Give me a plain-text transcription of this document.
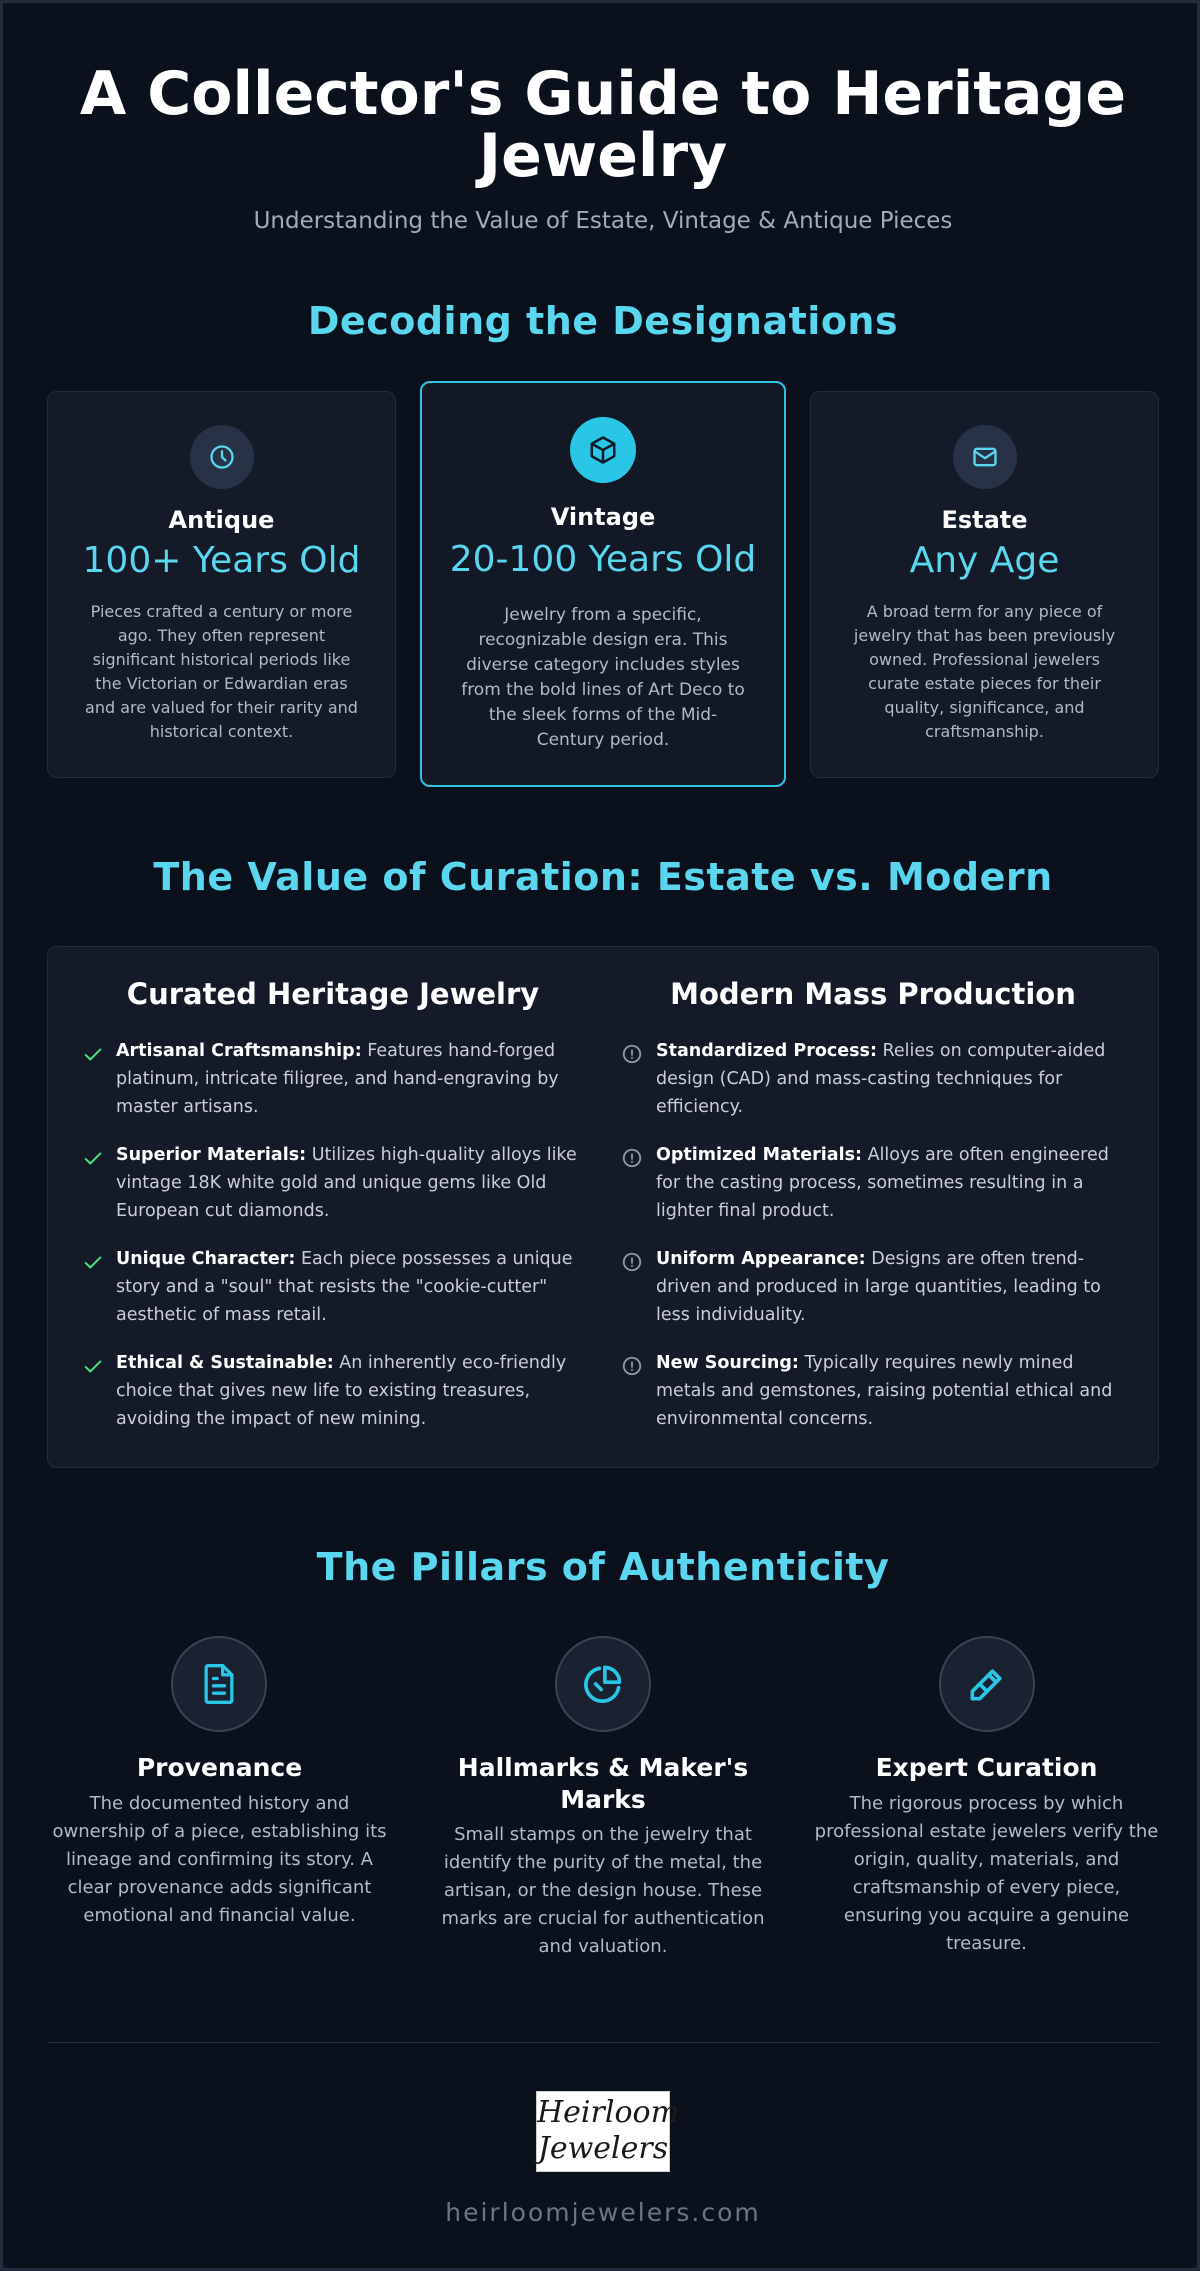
A Collector's Guide to Heritage Jewelry
Understanding the Value of Estate, Vintage & Antique Pieces
Decoding the Designations
Antique
100+ Years Old
Pieces crafted a century or more ago. They often represent significant historical periods like the Victorian or Edwardian eras and are valued for their rarity and historical context.
Vintage
20-100 Years Old
Jewelry from a specific, recognizable design era. This diverse category includes styles from the bold lines of Art Deco to the sleek forms of the Mid-Century period.
Estate
Any Age
A broad term for any piece of jewelry that has been previously owned. Professional jewelers curate estate pieces for their quality, significance, and craftsmanship.
The Value of Curation: Estate vs. Modern
Curated Heritage Jewelry	Modern Mass Production
Artisanal Craftsmanship: Features hand-forged platinum, intricate filigree, and hand-engraving by master artisans.
Superior Materials: Utilizes high-quality alloys like vintage 18K white gold and unique gems like Old European cut diamonds.
Unique Character: Each piece possesses a unique story and a "soul" that resists the "cookie-cutter" aesthetic of mass retail.
Ethical & Sustainable: An inherently eco-friendly choice that gives new life to existing treasures, avoiding the impact of new mining.
Standardized Process: Relies on computer-aided design (CAD) and mass-casting techniques for efficiency.
Optimized Materials: Alloys are often engineered for the casting process, sometimes resulting in a lighter final product.
Uniform Appearance: Designs are often trend-driven and produced in large quantities, leading to less individuality.
New Sourcing: Typically requires newly mined metals and gemstones, raising potential ethical and environmental concerns.
The Pillars of Authenticity
Provenance
The documented history and ownership of a piece, establishing its lineage and confirming its story. A clear provenance adds significant emotional and financial value.
Hallmarks & Maker's Marks
Small stamps on the jewelry that identify the purity of the metal, the artisan, or the design house. These marks are crucial for authentication and valuation.
Expert Curation
The rigorous process by which professional estate jewelers verify the origin, quality, materials, and craftsmanship of every piece, ensuring you acquire a genuine treasure.
Heirloom
Jewelers
heirloomjewelers.com
